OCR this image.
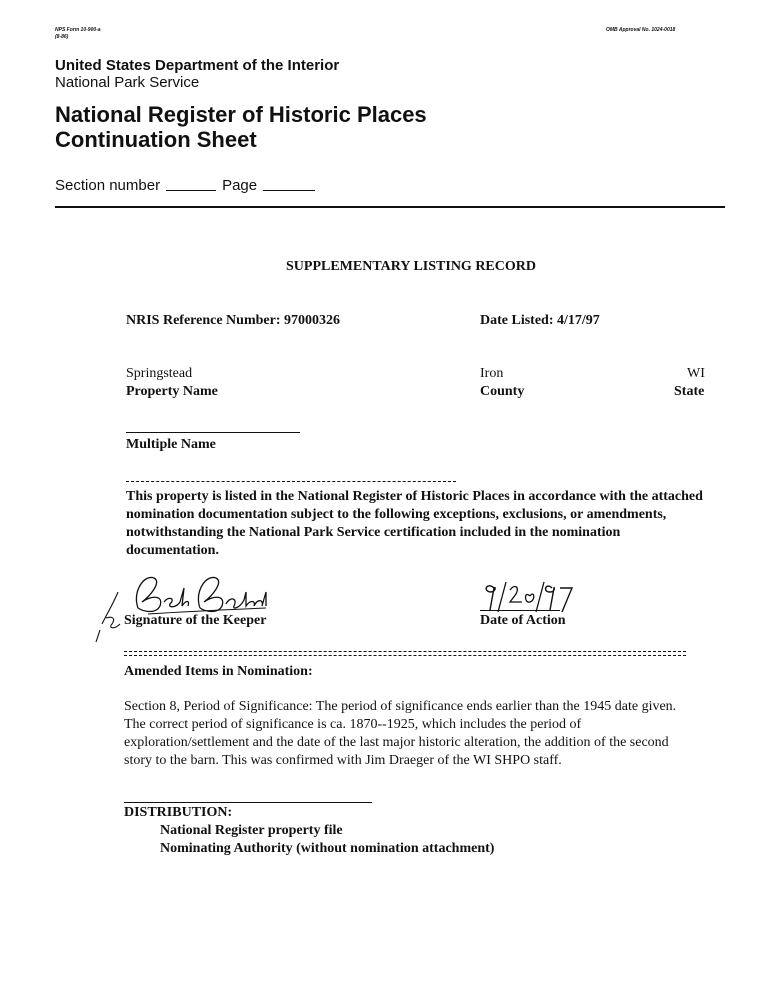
NPS Form 10-900-a
(8-86)
OMB Approval No. 1024-0018
United States Department of the Interior
National Park Service
National Register of Historic Places
Continuation Sheet
Section number	Page
SUPPLEMENTARY LISTING RECORD
NRIS Reference Number: 97000326	Date Listed: 4/17/97
Springstead
Property Name
Iron
County
WI
State
Multiple Name
This property is listed in the National Register of Historic Places in accordance with the attached nomination documentation subject to the following exceptions, exclusions, or amendments, notwithstanding the National Park Service certification included in the nomination documentation.
Signature of the Keeper	Date of Action
Amended Items in Nomination:
Section 8, Period of Significance: The period of significance ends earlier than the 1945 date given. The correct period of significance is ca. 1870--1925, which includes the period of exploration/settlement and the date of the last major historic alteration, the addition of the second story to the barn. This was confirmed with Jim Draeger of the WI SHPO staff.
DISTRIBUTION:
National Register property file
Nominating Authority (without nomination attachment)
